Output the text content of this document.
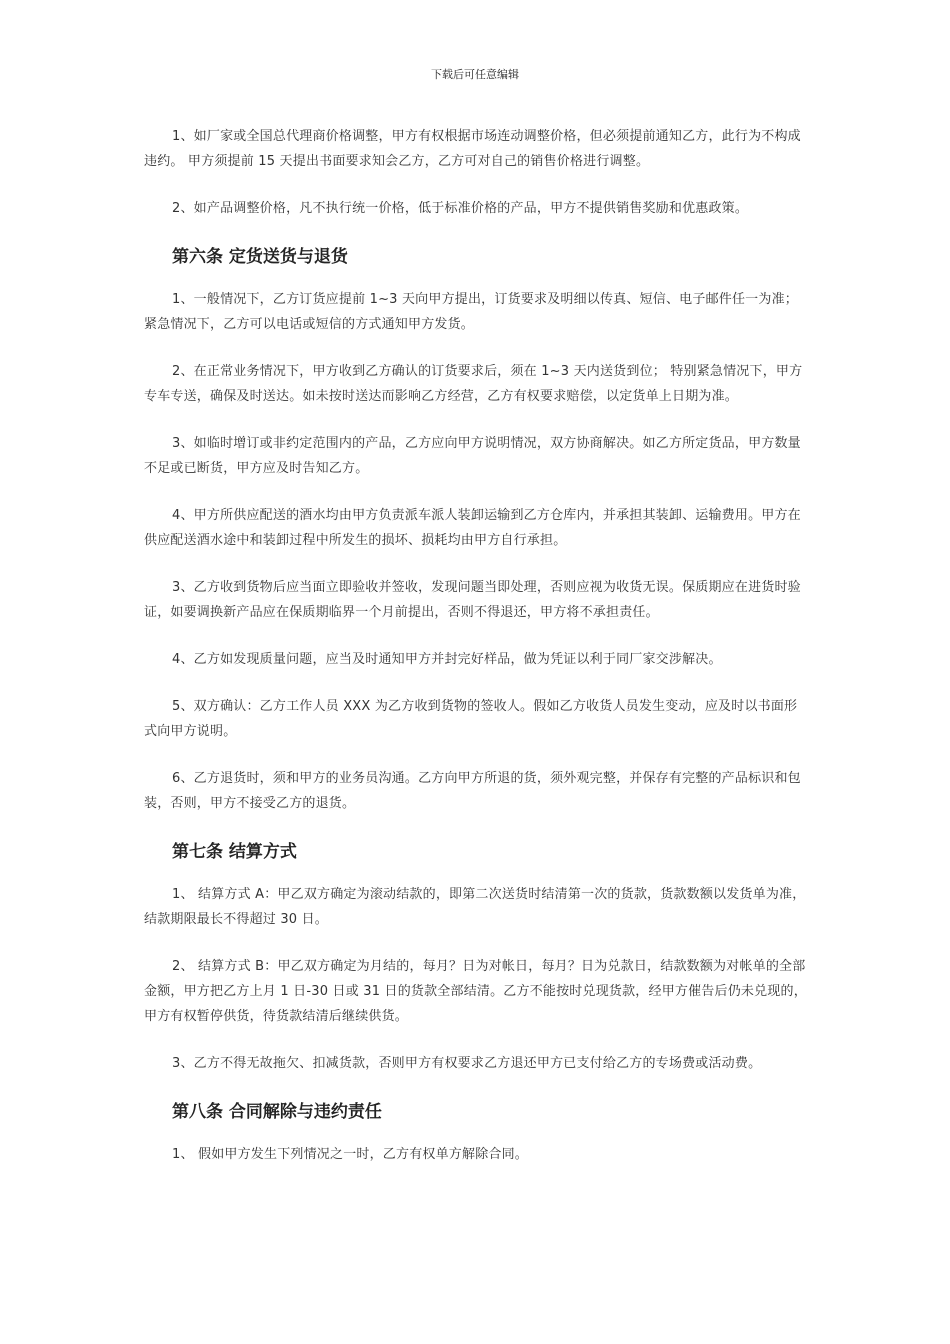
下载后可任意编辑

1、如厂家或全国总代理商价格调整，甲方有权根据市场连动调整价格，但必须提前通知乙方，此行为不构成违约。 甲方须提前 15 天提出书面要求知会乙方，乙方可对自己的销售价格进行调整。

2、如产品调整价格，凡不执行统一价格，低于标准价格的产品，甲方不提供销售奖励和优惠政策。

第六条 定货送货与退货

1、一般情况下，乙方订货应提前 1~3 天向甲方提出，订货要求及明细以传真、短信、电子邮件任一为准； 紧急情况下，乙方可以电话或短信的方式通知甲方发货。

2、在正常业务情况下，甲方收到乙方确认的订货要求后，须在 1~3 天内送货到位； 特别紧急情况下，甲方专车专送，确保及时送达。如未按时送达而影响乙方经营，乙方有权要求赔偿，以定货单上日期为准。

3、如临时增订或非约定范围内的产品，乙方应向甲方说明情况，双方协商解决。如乙方所定货品，甲方数量不足或已断货，甲方应及时告知乙方。

4、甲方所供应配送的酒水均由甲方负责派车派人装卸运输到乙方仓库内，并承担其装卸、运输费用。甲方在供应配送酒水途中和装卸过程中所发生的损坏、损耗均由甲方自行承担。

3、乙方收到货物后应当面立即验收并签收，发现问题当即处理，否则应视为收货无误。保质期应在进货时验证，如要调换新产品应在保质期临界一个月前提出，否则不得退还，甲方将不承担责任。

4、乙方如发现质量问题，应当及时通知甲方并封完好样品，做为凭证以利于同厂家交涉解决。

5、双方确认：乙方工作人员 XXX 为乙方收到货物的签收人。假如乙方收货人员发生变动，应及时以书面形式向甲方说明。

6、乙方退货时，须和甲方的业务员沟通。乙方向甲方所退的货，须外观完整，并保存有完整的产品标识和包装，否则，甲方不接受乙方的退货。

第七条 结算方式

1、 结算方式 A：甲乙双方确定为滚动结款的，即第二次送货时结清第一次的货款，货款数额以发货单为准，结款期限最长不得超过 30 日。

2、 结算方式 B：甲乙双方确定为月结的，每月？日为对帐日，每月？日为兑款日，结款数额为对帐单的全部金额，甲方把乙方上月 1 日-30 日或 31 日的货款全部结清。乙方不能按时兑现货款，经甲方催告后仍未兑现的，甲方有权暂停供货，待货款结清后继续供货。

3、乙方不得无故拖欠、扣减货款，否则甲方有权要求乙方退还甲方已支付给乙方的专场费或活动费。

第八条 合同解除与违约责任

1、 假如甲方发生下列情况之一时，乙方有权单方解除合同。
